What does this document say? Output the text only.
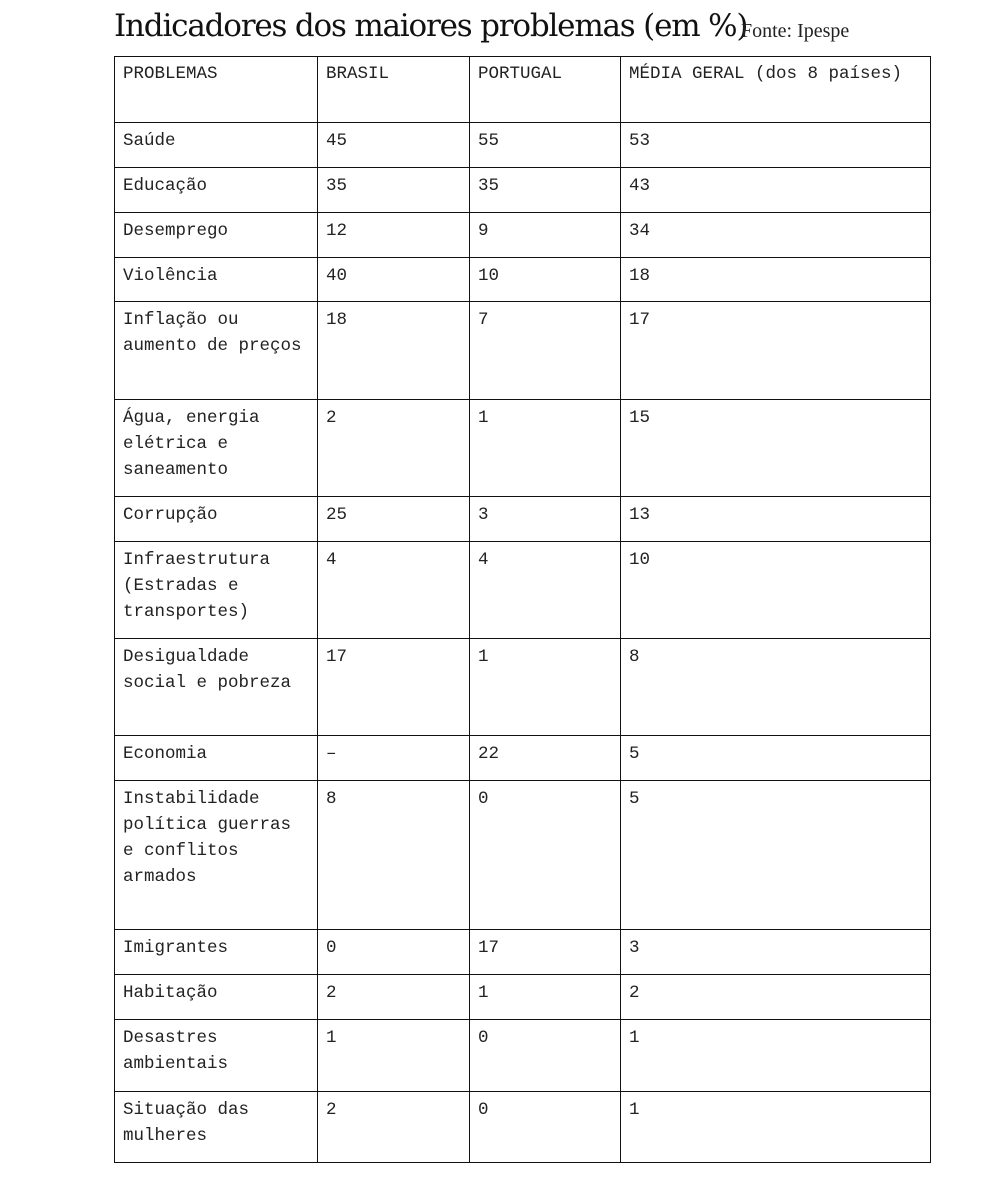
Indicadores dos maiores problemas (em %)
Fonte: Ipespe
PROBLEMAS	BRASIL	PORTUGAL	MÉDIA GERAL (dos 8 países)
Saúde	45	55	53
Educação	35	35	43
Desemprego	12	9	34
Violência	40	10	18
Inflação ou aumento de preços	18	7	17
Água, energia elétrica e saneamento	2	1	15
Corrupção	25	3	13
Infraestrutura (Estradas e transportes)	4	4	10
Desigualdade social e pobreza	17	1	8
Economia	–	22	5
Instabilidade política guerras e conflitos armados	8	0	5
Imigrantes	0	17	3
Habitação	2	1	2
Desastres ambientais	1	0	1
Situação das mulheres	2	0	1
